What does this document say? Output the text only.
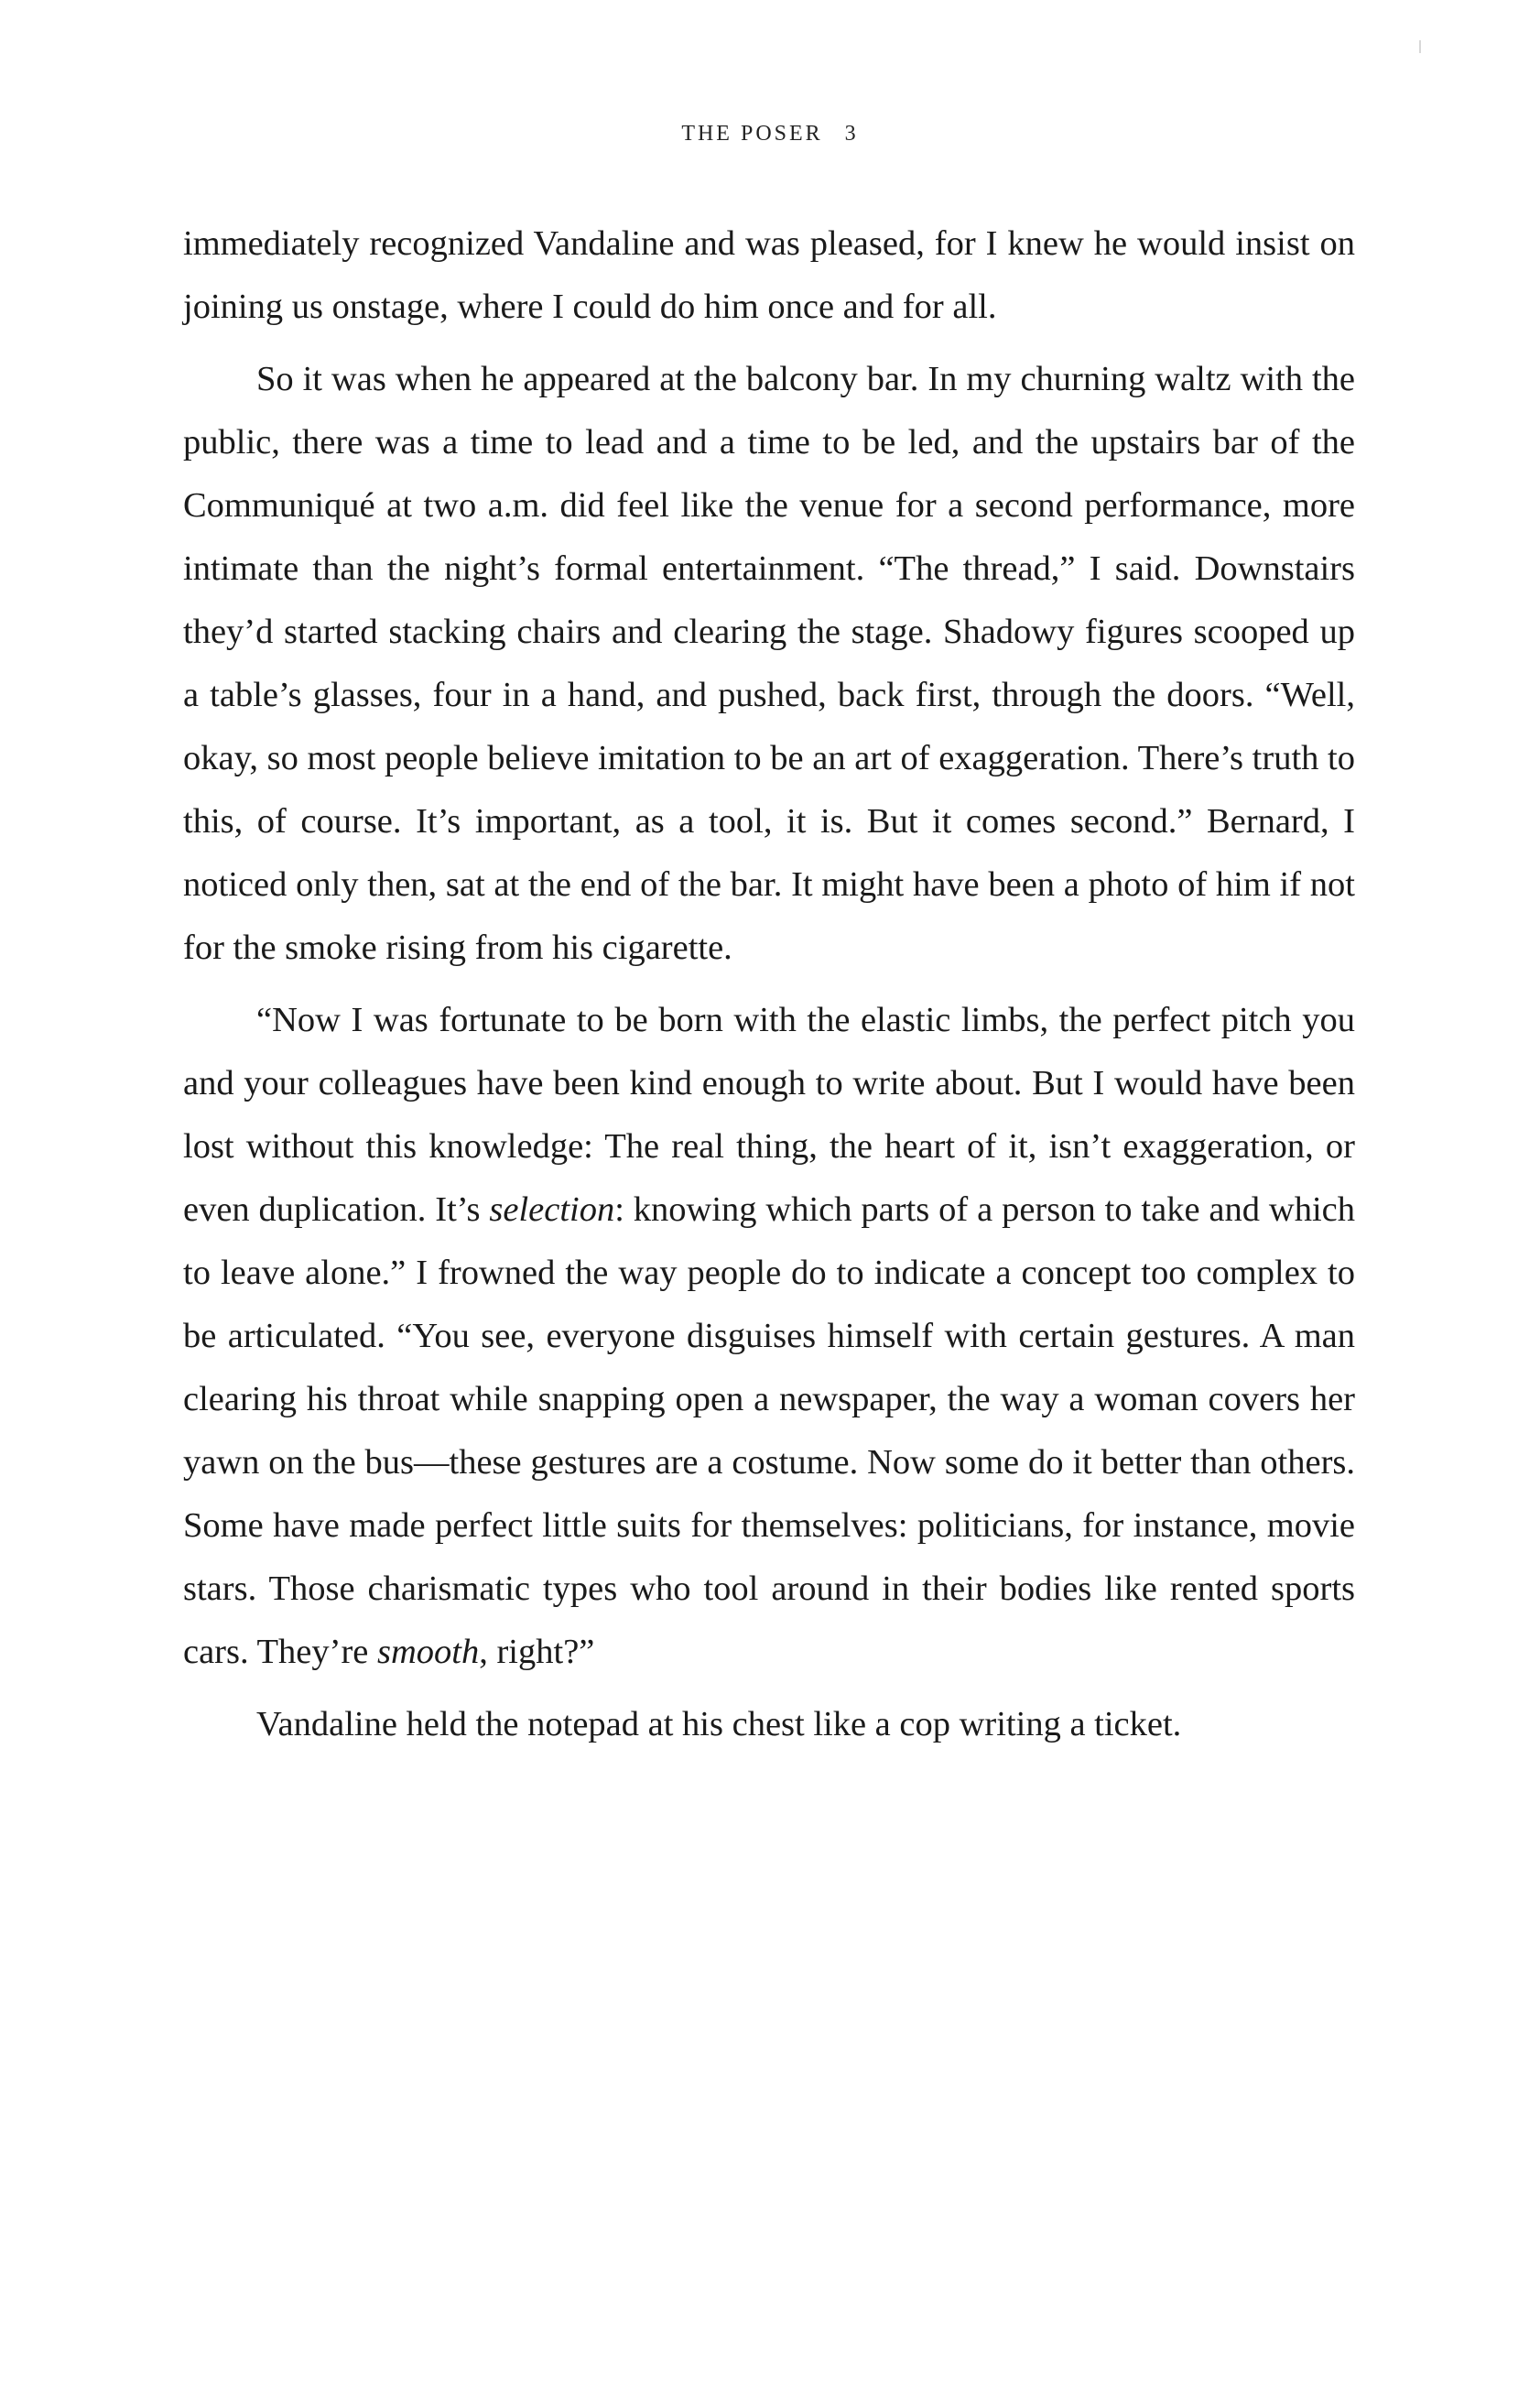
THE POSER 3

immediately recognized Vandaline and was pleased, for I knew he would insist on joining us onstage, where I could do him once and for all.

So it was when he appeared at the balcony bar. In my churning waltz with the public, there was a time to lead and a time to be led, and the upstairs bar of the Communiqué at two a.m. did feel like the venue for a second performance, more intimate than the night’s formal entertainment. “The thread,” I said. Downstairs they’d started stacking chairs and clearing the stage. Shadowy figures scooped up a table’s glasses, four in a hand, and pushed, back first, through the doors. “Well, okay, so most people believe imitation to be an art of exaggeration. There’s truth to this, of course. It’s important, as a tool, it is. But it comes second.” Bernard, I noticed only then, sat at the end of the bar. It might have been a photo of him if not for the smoke rising from his cigarette.

“Now I was fortunate to be born with the elastic limbs, the perfect pitch you and your colleagues have been kind enough to write about. But I would have been lost without this knowledge: The real thing, the heart of it, isn’t exaggeration, or even duplication. It’s selection: knowing which parts of a person to take and which to leave alone.” I frowned the way people do to indicate a concept too complex to be articulated. “You see, everyone disguises himself with certain gestures. A man clearing his throat while snapping open a newspaper, the way a woman covers her yawn on the bus—these gestures are a costume. Now some do it better than others. Some have made perfect little suits for themselves: politicians, for instance, movie stars. Those charismatic types who tool around in their bodies like rented sports cars. They’re smooth, right?”

Vandaline held the notepad at his chest like a cop writing a ticket.
